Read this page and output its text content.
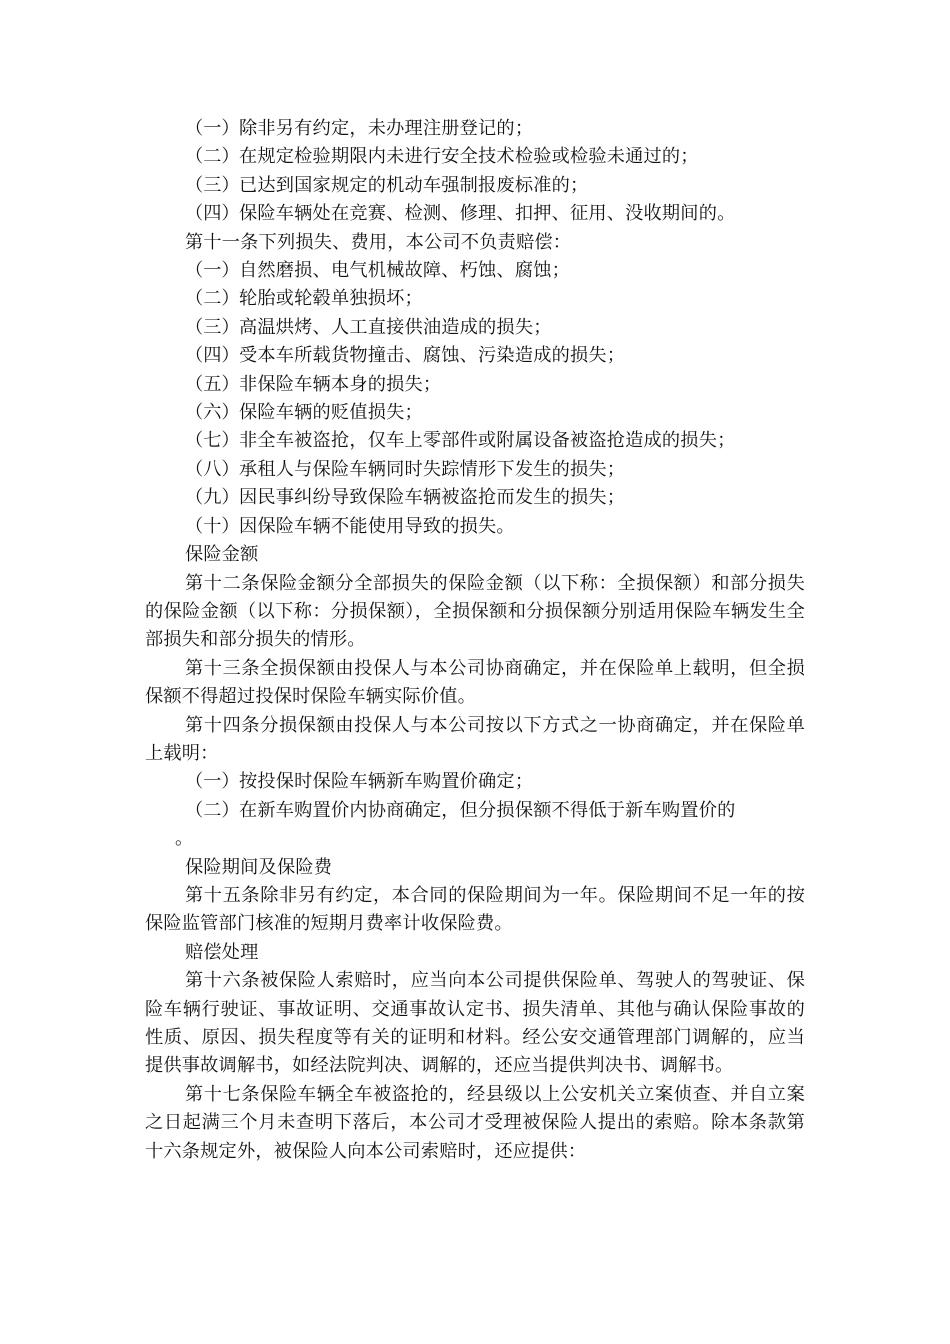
（一）除非另有约定，未办理注册登记的；
（二）在规定检验期限内未进行安全技术检验或检验未通过的；
（三）已达到国家规定的机动车强制报废标准的；
（四）保险车辆处在竞赛、检测、修理、扣押、征用、没收期间的。

第十一条下列损失、费用，本公司不负责赔偿：

（一）自然磨损、电气机械故障、朽蚀、腐蚀；
（二）轮胎或轮毂单独损坏；
（三）高温烘烤、人工直接供油造成的损失；
（四）受本车所载货物撞击、腐蚀、污染造成的损失；
（五）非保险车辆本身的损失；
（六）保险车辆的贬值损失；
（七）非全车被盗抢，仅车上零部件或附属设备被盗抢造成的损失；
（八）承租人与保险车辆同时失踪情形下发生的损失；
（九）因民事纠纷导致保险车辆被盗抢而发生的损失；
（十）因保险车辆不能使用导致的损失。
保险金额

第十二条保险金额分全部损失的保险金额（以下称：全损保额）和部分损失的保险金额（以下称：分损保额），全损保额和分损保额分别适用保险车辆发生全部损失和部分损失的情形。

第十三条全损保额由投保人与本公司协商确定，并在保险单上载明，但全损保额不得超过投保时保险车辆实际价值。

第十四条分损保额由投保人与本公司按以下方式之一协商确定，并在保险单上载明：

（一）按投保时保险车辆新车购置价确定；
（二）在新车购置价内协商确定，但分损保额不得低于新车购置价的
。
保险期间及保险费

第十五条除非另有约定，本合同的保险期间为一年。保险期间不足一年的按保险监管部门核准的短期月费率计收保险费。

赔偿处理

第十六条被保险人索赔时，应当向本公司提供保险单、驾驶人的驾驶证、保险车辆行驶证、事故证明、交通事故认定书、损失清单、其他与确认保险事故的性质、原因、损失程度等有关的证明和材料。经公安交通管理部门调解的，应当提供事故调解书，如经法院判决、调解的，还应当提供判决书、调解书。

第十七条保险车辆全车被盗抢的，经县级以上公安机关立案侦查、并自立案之日起满三个月未查明下落后，本公司才受理被保险人提出的索赔。除本条款第十六条规定外，被保险人向本公司索赔时，还应提供：
